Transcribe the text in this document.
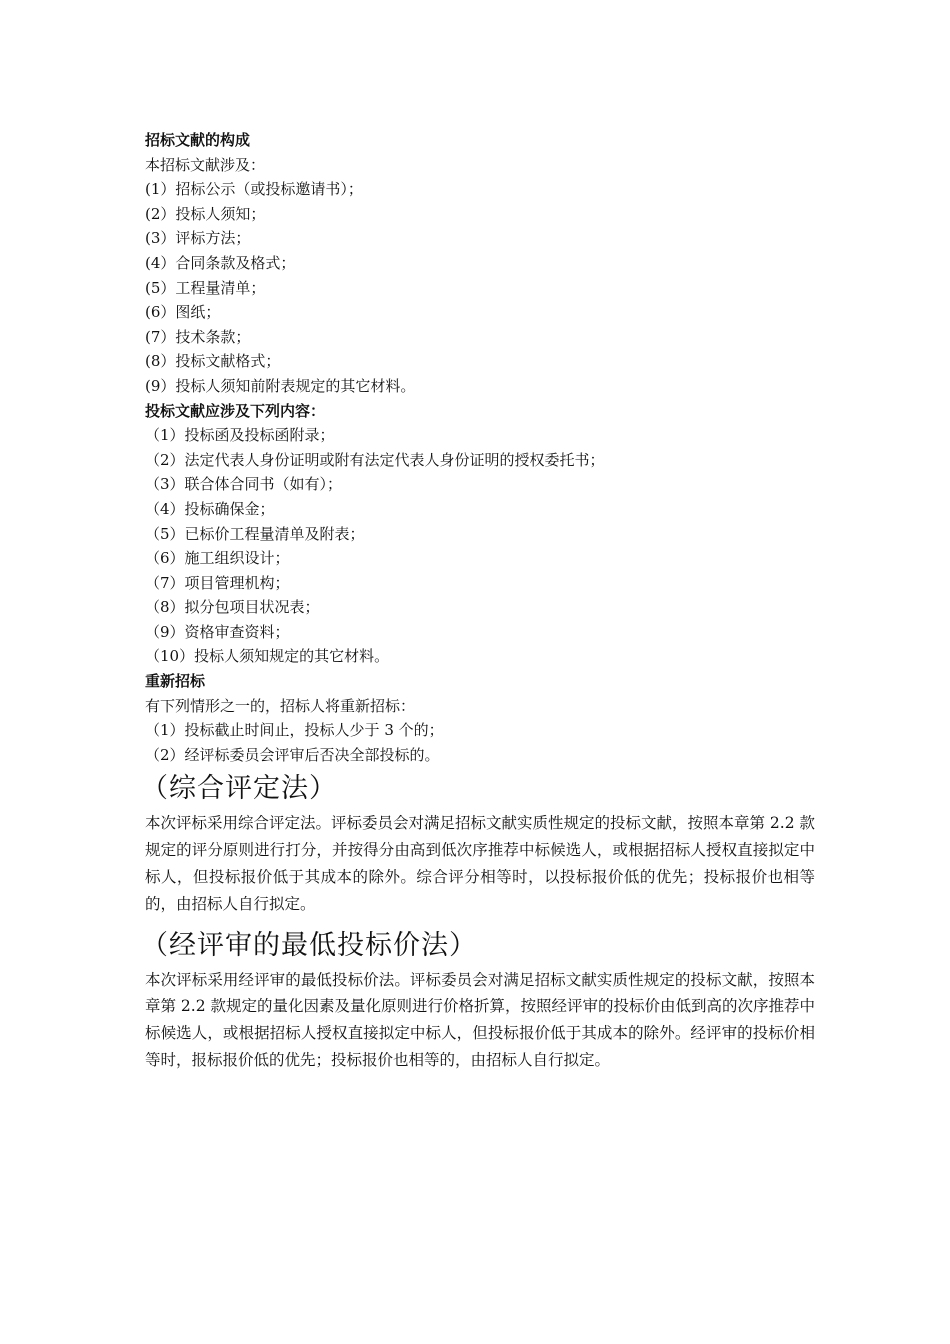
招标文献的构成
本招标文献涉及：
(1）招标公示（或投标邀请书）；
(2）投标人须知；
(3）评标方法；
(4）合同条款及格式；
(5）工程量清单；
(6）图纸；
(7）技术条款；
(8）投标文献格式；
(9）投标人须知前附表规定的其它材料。
投标文献应涉及下列内容：
（1）投标函及投标函附录；
（2）法定代表人身份证明或附有法定代表人身份证明的授权委托书；
（3）联合体合同书（如有）；
（4）投标确保金；
（5）已标价工程量清单及附表；
（6）施工组织设计；
（7）项目管理机构；
（8）拟分包项目状况表；
（9）资格审查资料；
（10）投标人须知规定的其它材料。
重新招标
有下列情形之一的，招标人将重新招标：
（1）投标截止时间止，投标人少于 3 个的；
（2）经评标委员会评审后否决全部投标的。
（综合评定法）

本次评标采用综合评定法。评标委员会对满足招标文献实质性规定的投标文献，按照本章第 2.2 款规定的评分原则进行打分，并按得分由高到低次序推荐中标候选人，或根据招标人授权直接拟定中标人，但投标报价低于其成本的除外。综合评分相等时，以投标报价低的优先；投标报价也相等的，由招标人自行拟定。

（经评审的最低投标价法）

本次评标采用经评审的最低投标价法。评标委员会对满足招标文献实质性规定的投标文献，按照本章第 2.2 款规定的量化因素及量化原则进行价格折算，按照经评审的投标价由低到高的次序推荐中标候选人，或根据招标人授权直接拟定中标人，但投标报价低于其成本的除外。经评审的投标价相等时，报标报价低的优先；投标报价也相等的，由招标人自行拟定。
